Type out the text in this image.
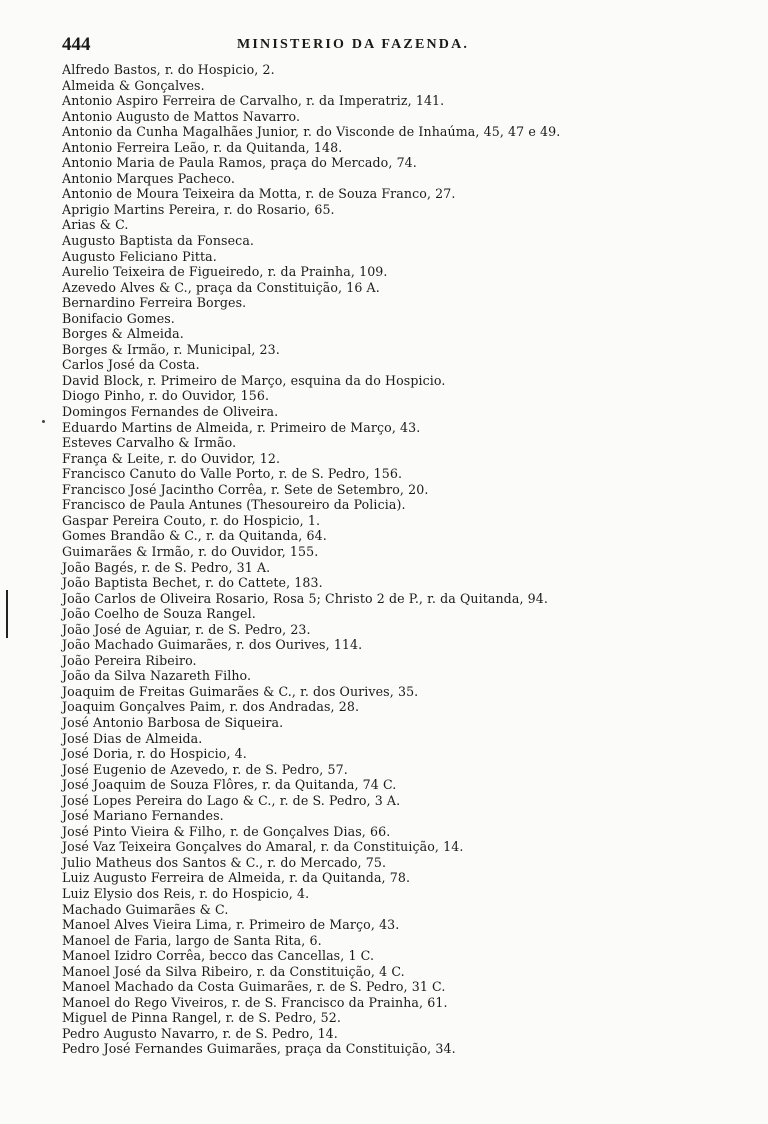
444	MINISTERIO DA FAZENDA.
Alfredo Bastos, r. do Hospicio, 2.
Almeida & Gonçalves.
Antonio Aspiro Ferreira de Carvalho, r. da Imperatriz, 141.
Antonio Augusto de Mattos Navarro.
Antonio da Cunha Magalhães Junior, r. do Visconde de Inhaúma, 45, 47 e 49.
Antonio Ferreira Leão, r. da Quitanda, 148.
Antonio Maria de Paula Ramos, praça do Mercado, 74.
Antonio Marques Pacheco.
Antonio de Moura Teixeira da Motta, r. de Souza Franco, 27.
Aprigio Martins Pereira, r. do Rosario, 65.
Arias & C.
Augusto Baptista da Fonseca.
Augusto Feliciano Pitta.
Aurelio Teixeira de Figueiredo, r. da Prainha, 109.
Azevedo Alves & C., praça da Constituição, 16 A.
Bernardino Ferreira Borges.
Bonifacio Gomes.
Borges & Almeida.
Borges & Irmão, r. Municipal, 23.
Carlos José da Costa.
David Block, r. Primeiro de Março, esquina da do Hospicio.
Diogo Pinho, r. do Ouvidor, 156.
Domingos Fernandes de Oliveira.
Eduardo Martins de Almeida, r. Primeiro de Março, 43.
Esteves Carvalho & Irmão.
França & Leite, r. do Ouvidor, 12.
Francisco Canuto do Valle Porto, r. de S. Pedro, 156.
Francisco José Jacintho Corrêa, r. Sete de Setembro, 20.
Francisco de Paula Antunes (Thesoureiro da Policia).
Gaspar Pereira Couto, r. do Hospicio, 1.
Gomes Brandão & C., r. da Quitanda, 64.
Guimarães & Irmão, r. do Ouvidor, 155.
João Bagés, r. de S. Pedro, 31 A.
João Baptista Bechet, r. do Cattete, 183.
João Carlos de Oliveira Rosario, Rosa 5; Christo 2 de P., r. da Quitanda, 94.
João Coelho de Souza Rangel.
João José de Aguiar, r. de S. Pedro, 23.
João Machado Guimarães, r. dos Ourives, 114.
João Pereira Ribeiro.
João da Silva Nazareth Filho.
Joaquim de Freitas Guimarães & C., r. dos Ourives, 35.
Joaquim Gonçalves Paim, r. dos Andradas, 28.
José Antonio Barbosa de Siqueira.
José Dias de Almeida.
José Doria, r. do Hospicio, 4.
José Eugenio de Azevedo, r. de S. Pedro, 57.
José Joaquim de Souza Flôres, r. da Quitanda, 74 C.
José Lopes Pereira do Lago & C., r. de S. Pedro, 3 A.
José Mariano Fernandes.
José Pinto Vieira & Filho, r. de Gonçalves Dias, 66.
José Vaz Teixeira Gonçalves do Amaral, r. da Constituição, 14.
Julio Matheus dos Santos & C., r. do Mercado, 75.
Luiz Augusto Ferreira de Almeida, r. da Quitanda, 78.
Luiz Elysio dos Reis, r. do Hospicio, 4.
Machado Guimarães & C.
Manoel Alves Vieira Lima, r. Primeiro de Março, 43.
Manoel de Faria, largo de Santa Rita, 6.
Manoel Izidro Corrêa, becco das Cancellas, 1 C.
Manoel José da Silva Ribeiro, r. da Constituição, 4 C.
Manoel Machado da Costa Guimarães, r. de S. Pedro, 31 C.
Manoel do Rego Viveiros, r. de S. Francisco da Prainha, 61.
Miguel de Pinna Rangel, r. de S. Pedro, 52.
Pedro Augusto Navarro, r. de S. Pedro, 14.
Pedro José Fernandes Guimarães, praça da Constituição, 34.
